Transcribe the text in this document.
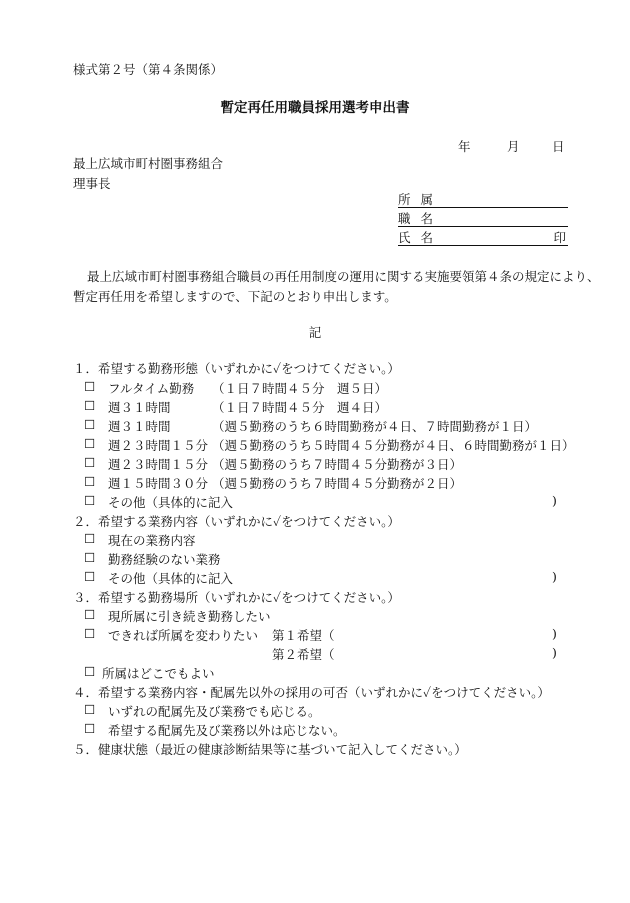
様式第２号（第４条関係）
暫定再任用職員採用選考申出書
年	月	日
最上広域市町村圏事務組合
理事長
所属
職名
氏名	印
最上広域市町村圏事務組合職員の再任用制度の運用に関する実施要領第４条の規定により、
暫定再任用を希望しますので、下記のとおり申出します。
記
１．希望する勤務形態（いずれかに✓をつけてください。）
☐ フルタイム勤務 （１日７時間４５分　週５日）
☐ 週３１時間	（１日７時間４５分　週４日）
☐ 週３１時間	（週５勤務のうち６時間勤務が４日、７時間勤務が１日）
☐ 週２３時間１５分 （週５勤務のうち５時間４５分勤務が４日、６時間勤務が１日）
☐ 週２３時間１５分 （週５勤務のうち７時間４５分勤務が３日）
☐ 週１５時間３０分 （週５勤務のうち７時間４５分勤務が２日）
☐ その他（具体的に記入	)
２．希望する業務内容（いずれかに✓をつけてください。）
☐ 現在の業務内容
☐ 勤務経験のない業務
☐ その他（具体的に記入	)
３．希望する勤務場所（いずれかに✓をつけてください。）
☐ 現所属に引き続き勤務したい
☐ できれば所属を変わりたい 第１希望（	)
第２希望（	)
☐ 所属はどこでもよい
４．希望する業務内容・配属先以外の採用の可否（いずれかに✓をつけてください。）
☐ いずれの配属先及び業務でも応じる。
☐ 希望する配属先及び業務以外は応じない。
５．健康状態（最近の健康診断結果等に基づいて記入してください。）
